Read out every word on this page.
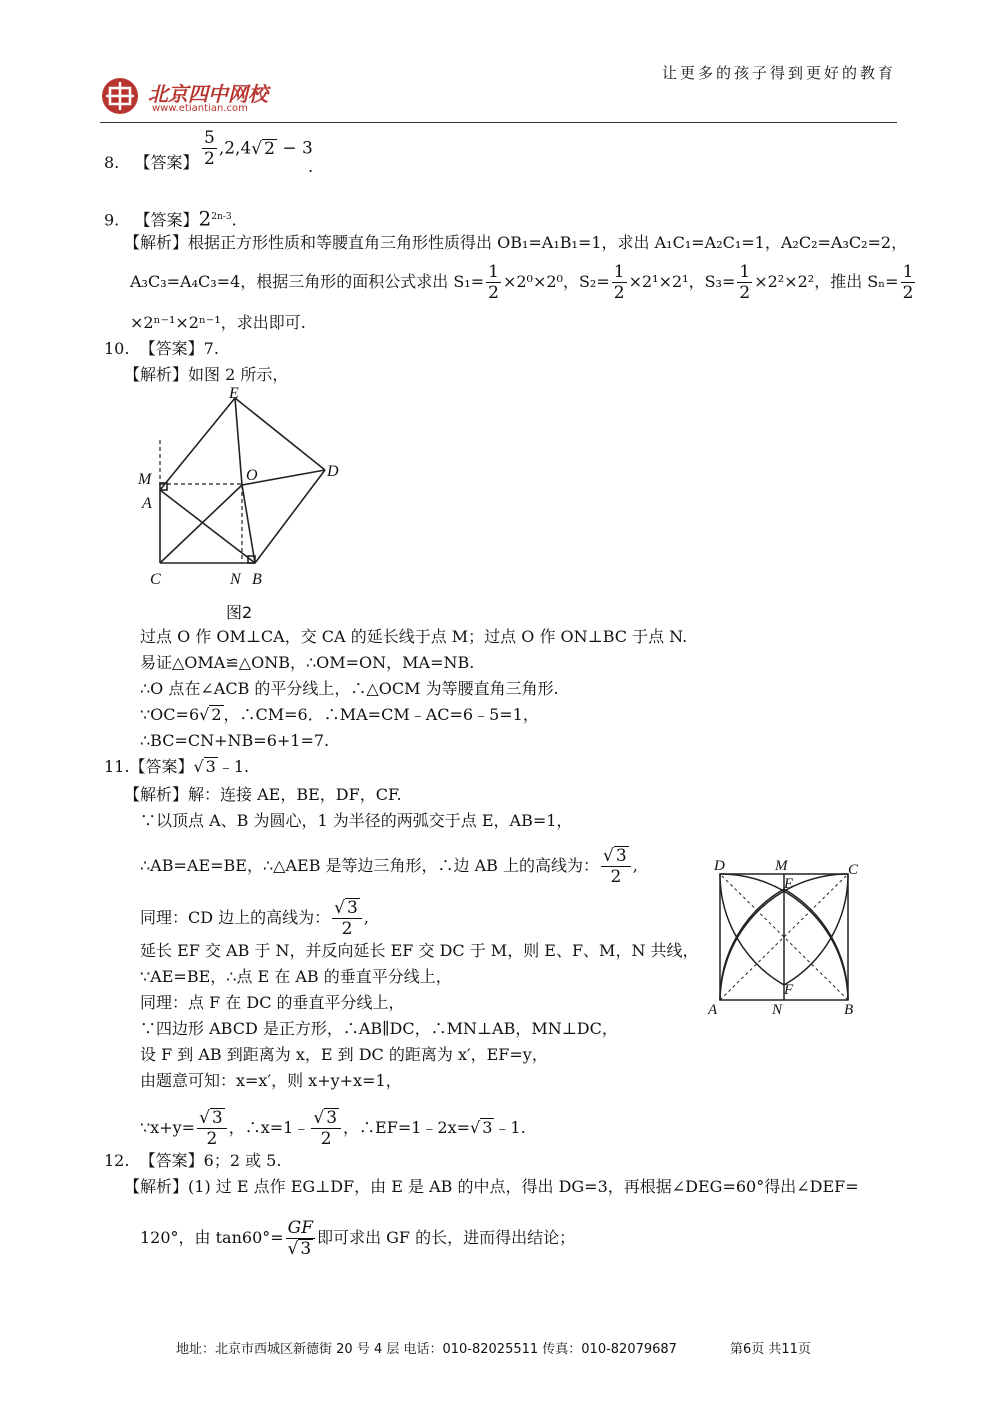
北京四中网校
www.etiantian.com
让更多的孩子得到更好的教育
8. 【答案】 $\frac{5}{2} ,2,4√$ 2 − 3
.
9. 【答案】$2^{2n-3}$.
【解析】根据正方形性质和等腰直角三角形性质得出 OB₁=A₁B₁=1，求出 A₁C₁=A₂C₁=1，A₂C₂=A₃C₂=2，
A₃C₃=A₄C₃=4，根据三角形的面积公式求出 $S_1= \frac{1}{2} \times 2^0\times 2^0$，$S_2= \frac{1}{2} \times 2^1\times 2^1$，$S_3= \frac{1}{2} \times 2^2\times 2^2$，推出 $S_n= \frac{1}{2}$
×2ⁿ⁻¹×2ⁿ⁻¹，求出即可.
10. 【答案】7.
【解析】如图 2 所示，
E
D
M	O
A
C	N B
图2
过点 O 作 OM⊥CA，交 CA 的延长线于点 M；过点 O 作 ON⊥BC 于点 N.
易证△OMA≌△ONB，∴OM=ON，MA=NB.
∴O 点在∠ACB 的平分线上，∴△OCM 为等腰直角三角形.
∵OC=6√ 2 ，∴CM=6．∴MA=CM﹣AC=6﹣5=1，
∴BC=CN+NB=6+1=7.
11.【答案】√ 3 ﹣1.
【解析】解：连接 AE，BE，DF，CF.
∵以顶点 A、B 为圆心，1 为半径的两弧交于点 E，AB=1，
∴AB=AE=BE，∴△AEB 是等边三角形，∴边 AB 上的高线为： $\frac{√ 3}{2}$ ,
同理：CD 边上的高线为： $\frac{√ 3}{2}$ ,
延长 EF 交 AB 于 N，并反向延长 EF 交 DC 于 M，则 E、F、M，N 共线，
∵AE=BE，∴点 E 在 AB 的垂直平分线上，
同理：点 F 在 DC 的垂直平分线上，
∵四边形 ABCD 是正方形，∴AB∥DC，∴MN⊥AB，MN⊥DC，
设 F 到 AB 到距离为 x，E 到 DC 的距离为 x′，EF=y，
由题意可知：x=x′，则 x+y+x=1，
∵x+y= $\frac{√ 3}{2}$ ，∴x=1﹣ $\frac{√ 3}{2}$ ，∴EF=1﹣2x=√ 3 ﹣1.
D	M	C
E
F
A	N	B
12. 【答案】6；2 或 5.
【解析】(1) 过 E 点作 EG⊥DF，由 E 是 AB 的中点，得出 DG=3，再根据∠DEG=60°得出∠DEF=
120°，由 $\tan 60^\circ= \frac{GF}{√ 3}$ 即可求出 GF 的长，进而得出结论；
地址：北京市西城区新德街 20 号 4 层 电话：010-82025511 传真：010-82079687	第6页 共11页
